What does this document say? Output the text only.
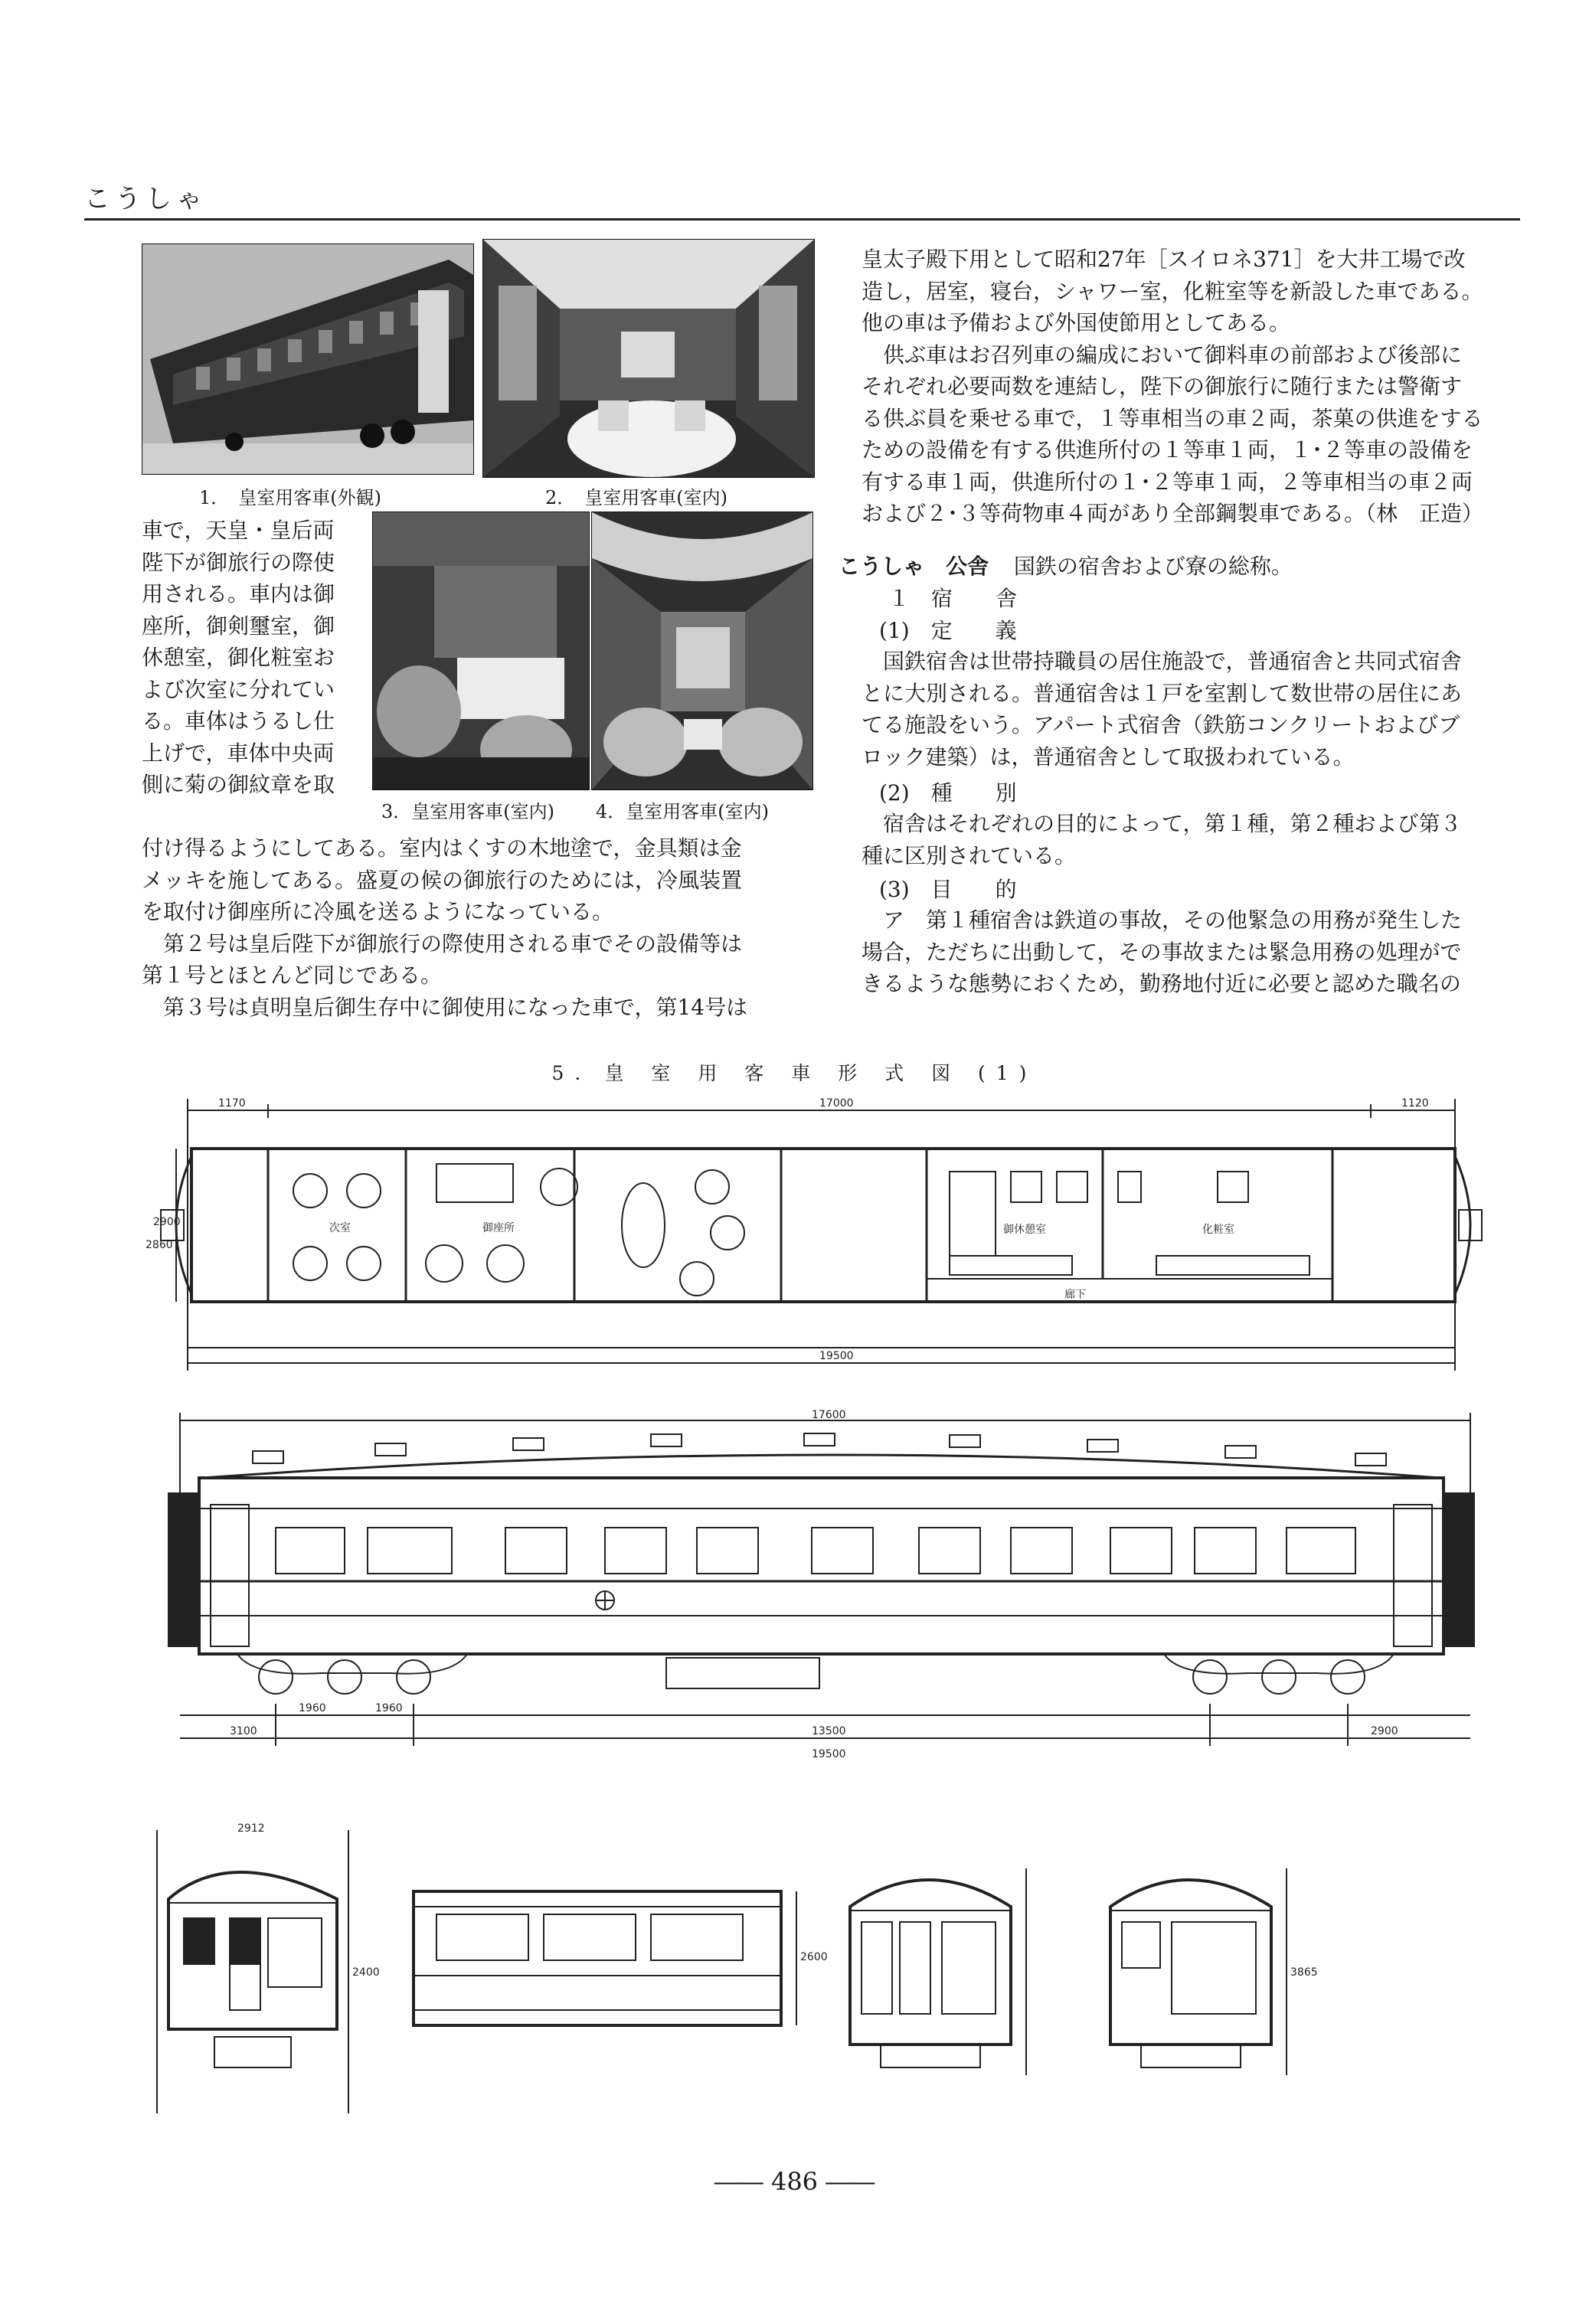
こうしゃ
1．　皇室用客車(外観)	2．　皇室用客車(室内)
車で，天皇・皇后両
陛下が御旅行の際使
用される。車内は御
座所，御剣璽室，御
休憩室，御化粧室お
よび次室に分れてい
る。車体はうるし仕
上げで，車体中央両
側に菊の御紋章を取
3．皇室用客車(室内) 4．皇室用客車(室内)
付け得るようにしてある。室内はくすの木地塗で，金具類は金
メッキを施してある。盛夏の候の御旅行のためには，冷風装置
を取付け御座所に冷風を送るようになっている。
　第２号は皇后陛下が御旅行の際使用される車でその設備等は
第１号とほとんど同じである。
　第３号は貞明皇后御生存中に御使用になった車で，第14号は
皇太子殿下用として昭和27年［スイロネ371］を大井工場で改
造し，居室，寝台，シャワー室，化粧室等を新設した車である。
他の車は予備および外国使節用としてある。
　供ぶ車はお召列車の編成において御料車の前部および後部に
それぞれ必要両数を連結し，陛下の御旅行に随行または警衛す
る供ぶ員を乗せる車で，１等車相当の車２両，茶菓の供進をする
ための設備を有する供進所付の１等車１両，１･２等車の設備を
有する車１両，供進所付の１･２等車１両，２等車相当の車２両
および２･３等荷物車４両があり全部鋼製車である。（林　正造）
こうしゃ　公舎 国鉄の宿舎および寮の総称。
１　宿　　舎
(1)　定　　義
　国鉄宿舎は世帯持職員の居住施設で，普通宿舎と共同式宿舎
とに大別される。普通宿舎は１戸を室割して数世帯の居住にあ
てる施設をいう。アパート式宿舎（鉄筋コンクリートおよびブ
ロック建築）は，普通宿舎として取扱われている。
(2)　種　　別
　宿舎はそれぞれの目的によって，第１種，第２種および第３
種に区別されている。
(3)　目　　的
　ア　第１種宿舎は鉄道の事故，その他緊急の用務が発生した
場合，ただちに出動して，その事故または緊急用務の処理がで
きるような態勢におくため，勤務地付近に必要と認めた職名の
5．皇 室 用 客 車 形 式 図 (1)
次室	御座所	御休憩室	化粧室
廊下
1170	17000	1120
19500
2900
2860
17600
1960	1960
3100	13500	2900
19500
2912
2400
2600
3865
―― 486 ――
